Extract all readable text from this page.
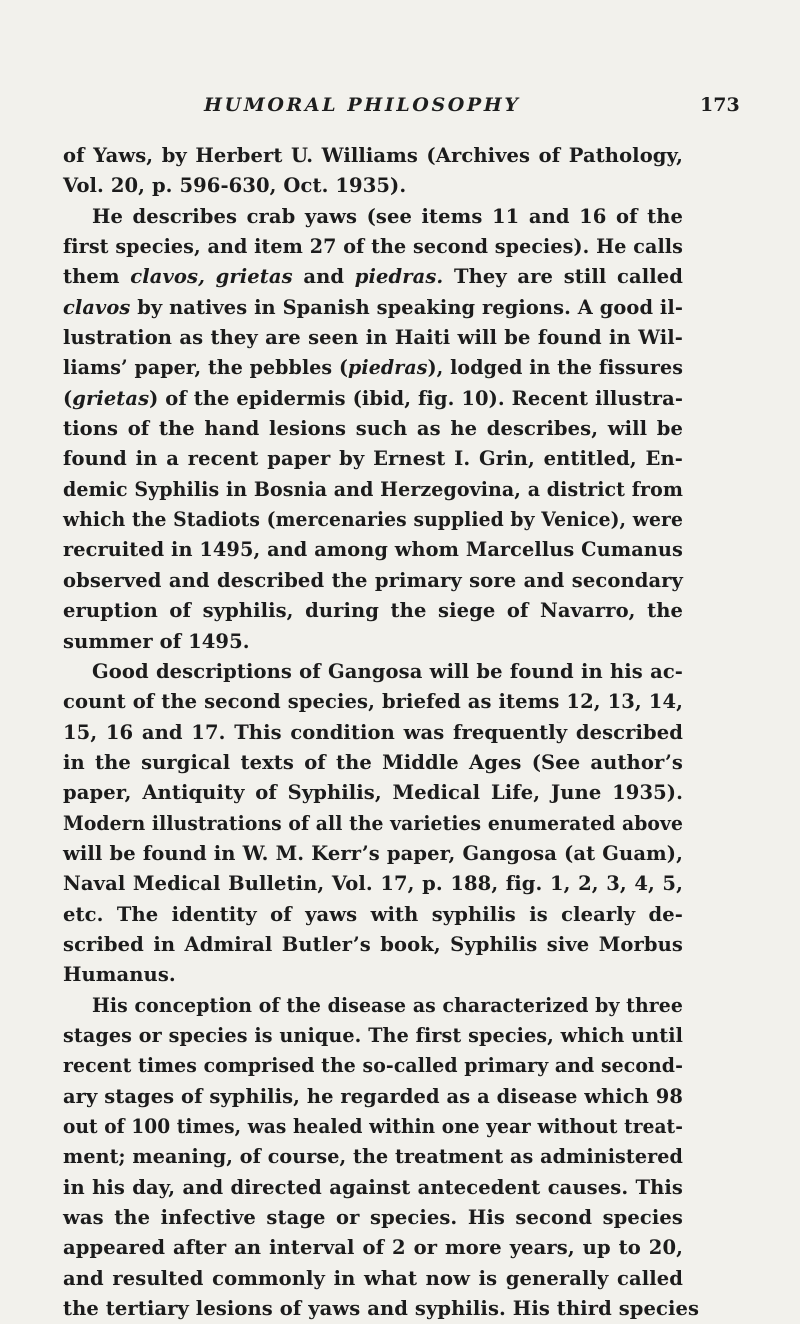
HUMORAL PHILOSOPHY	173
of Yaws, by Herbert U. Williams (Archives of Pathology,
Vol. 20, p. 596-630, Oct. 1935).
He describes crab yaws (see items 11 and 16 of the
first species, and item 27 of the second species). He calls
them clavos, grietas and piedras. They are still called
clavos by natives in Spanish speaking regions. A good il-
lustration as they are seen in Haiti will be found in Wil-
liams’ paper, the pebbles (piedras), lodged in the fissures
(grietas) of the epidermis (ibid, fig. 10). Recent illustra-
tions of the hand lesions such as he describes, will be
found in a recent paper by Ernest I. Grin, entitled, En-
demic Syphilis in Bosnia and Herzegovina, a district from
which the Stadiots (mercenaries supplied by Venice), were
recruited in 1495, and among whom Marcellus Cumanus
observed and described the primary sore and secondary
eruption of syphilis, during the siege of Navarro, the
summer of 1495.
Good descriptions of Gangosa will be found in his ac-
count of the second species, briefed as items 12, 13, 14,
15, 16 and 17. This condition was frequently described
in the surgical texts of the Middle Ages (See author’s
paper, Antiquity of Syphilis, Medical Life, June 1935).
Modern illustrations of all the varieties enumerated above
will be found in W. M. Kerr’s paper, Gangosa (at Guam),
Naval Medical Bulletin, Vol. 17, p. 188, fig. 1, 2, 3, 4, 5,
etc. The identity of yaws with syphilis is clearly de-
scribed in Admiral Butler’s book, Syphilis sive Morbus
Humanus.
His conception of the disease as characterized by three
stages or species is unique. The first species, which until
recent times comprised the so-called primary and second-
ary stages of syphilis, he regarded as a disease which 98
out of 100 times, was healed within one year without treat-
ment; meaning, of course, the treatment as administered
in his day, and directed against antecedent causes. This
was the infective stage or species. His second species
appeared after an interval of 2 or more years, up to 20,
and resulted commonly in what now is generally called
the tertiary lesions of yaws and syphilis. His third species
